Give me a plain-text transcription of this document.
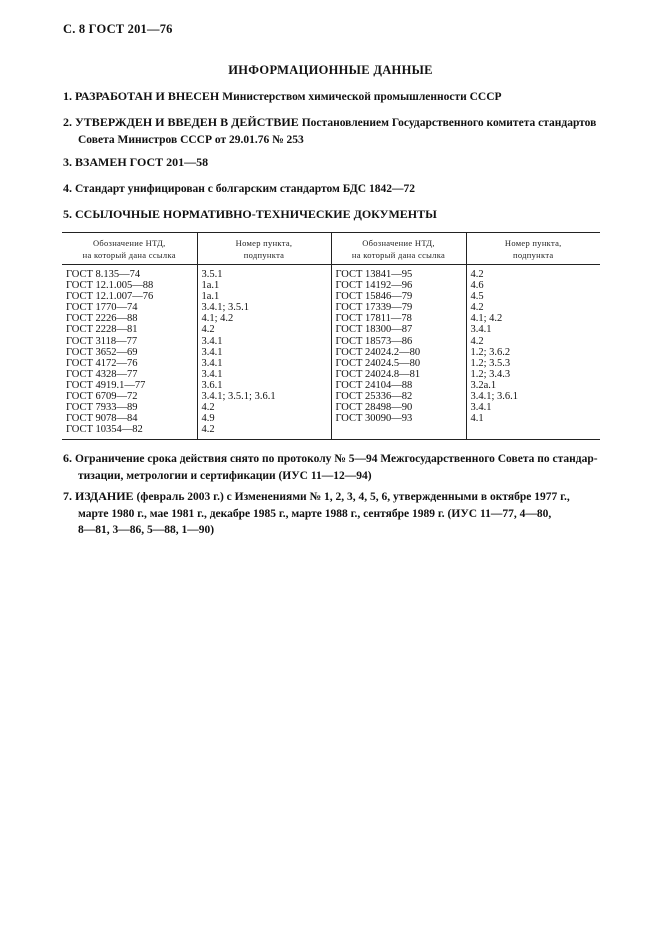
С. 8 ГОСТ 201—76
ИНФОРМАЦИОННЫЕ ДАННЫЕ
1. РАЗРАБОТАН И ВНЕСЕН Министерством химической промышленности СССР
2. УТВЕРЖДЕН И ВВЕДЕН В ДЕЙСТВИЕ Постановлением Государственного комитета стандартов
Совета Министров СССР от 29.01.76 № 253
3. ВЗАМЕН ГОСТ 201—58
4. Стандарт унифицирован с болгарским стандартом БДС 1842—72
5. ССЫЛОЧНЫЕ НОРМАТИВНО-ТЕХНИЧЕСКИЕ ДОКУМЕНТЫ
Обозначение НТД,
на который дана ссылка	Номер пункта,
подпункта	Обозначение НТД,
на который дана ссылка	Номер пункта,
подпункта
ГОСТ 8.135—74	3.5.1	ГОСТ 13841—95	4.2
ГОСТ 12.1.005—88	1а.1	ГОСТ 14192—96	4.6
ГОСТ 12.1.007—76	1а.1	ГОСТ 15846—79	4.5
ГОСТ 1770—74	3.4.1; 3.5.1	ГОСТ 17339—79	4.2
ГОСТ 2226—88	4.1; 4.2	ГОСТ 17811—78	4.1; 4.2
ГОСТ 2228—81	4.2	ГОСТ 18300—87	3.4.1
ГОСТ 3118—77	3.4.1	ГОСТ 18573—86	4.2
ГОСТ 3652—69	3.4.1	ГОСТ 24024.2—80	1.2; 3.6.2
ГОСТ 4172—76	3.4.1	ГОСТ 24024.5—80	1.2; 3.5.3
ГОСТ 4328—77	3.4.1	ГОСТ 24024.8—81	1.2; 3.4.3
ГОСТ 4919.1—77	3.6.1	ГОСТ 24104—88	3.2а.1
ГОСТ 6709—72	3.4.1; 3.5.1; 3.6.1	ГОСТ 25336—82	3.4.1; 3.6.1
ГОСТ 7933—89	4.2	ГОСТ 28498—90	3.4.1
ГОСТ 9078—84	4.9	ГОСТ 30090—93	4.1
ГОСТ 10354—82	4.2		
6. Ограничение срока действия снято по протоколу № 5—94 Межгосударственного Совета по стандар-
тизации, метрологии и сертификации (ИУС 11—12—94)
7. ИЗДАНИЕ (февраль 2003 г.) с Изменениями № 1, 2, 3, 4, 5, 6, утвержденными в октябре 1977 г.,
марте 1980 г., мае 1981 г., декабре 1985 г., марте 1988 г., сентябре 1989 г. (ИУС 11—77, 4—80,
8—81, 3—86, 5—88, 1—90)
